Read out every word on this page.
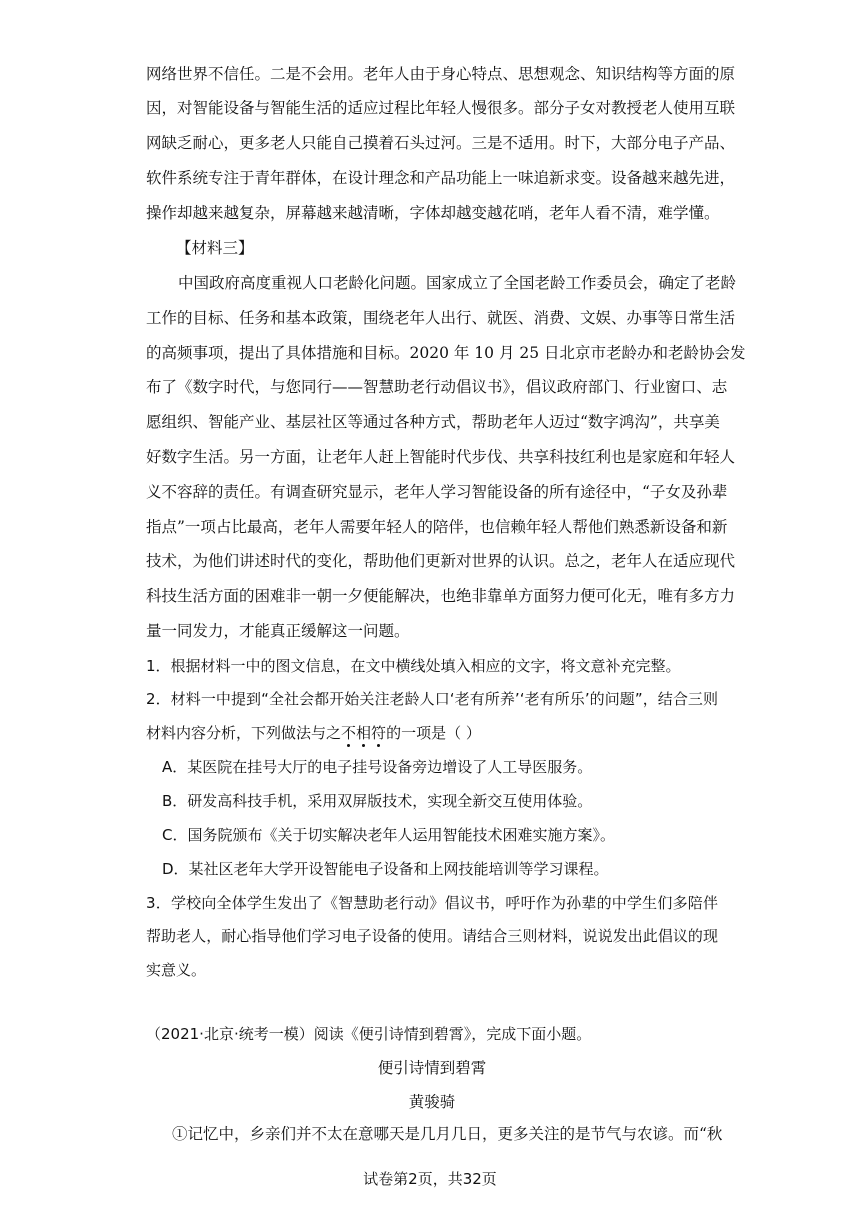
网络世界不信任。二是不会用。老年人由于身心特点、思想观念、知识结构等方面的原
因，对智能设备与智能生活的适应过程比年轻人慢很多。部分子女对教授老人使用互联
网缺乏耐心，更多老人只能自己摸着石头过河。三是不适用。时下，大部分电子产品、
软件系统专注于青年群体，在设计理念和产品功能上一味追新求变。设备越来越先进，
操作却越来越复杂，屏幕越来越清晰，字体却越变越花哨，老年人看不清，难学懂。
【材料三】
中国政府高度重视人口老龄化问题。国家成立了全国老龄工作委员会，确定了老龄
工作的目标、任务和基本政策，围绕老年人出行、就医、消费、文娱、办事等日常生活
的高频事项，提出了具体措施和目标。2020 年 10 月 25 日北京市老龄办和老龄协会发
布了《数字时代，与您同行——智慧助老行动倡议书》，倡议政府部门、行业窗口、志
愿组织、智能产业、基层社区等通过各种方式，帮助老年人迈过“数字鸿沟”，共享美
好数字生活。另一方面，让老年人赶上智能时代步伐、共享科技红利也是家庭和年轻人
义不容辞的责任。有调查研究显示，老年人学习智能设备的所有途径中，“子女及孙辈
指点”一项占比最高，老年人需要年轻人的陪伴，也信赖年轻人帮他们熟悉新设备和新
技术，为他们讲述时代的变化，帮助他们更新对世界的认识。总之，老年人在适应现代
科技生活方面的困难非一朝一夕便能解决，也绝非靠单方面努力便可化无，唯有多方力
量一同发力，才能真正缓解这一问题。
1．根据材料一中的图文信息，在文中横线处填入相应的文字，将文意补充完整。
2．材料一中提到“全社会都开始关注老龄人口‘老有所养’‘老有所乐’的问题”，结合三则
材料内容分析，下列做法与之不相符的一项是（ ）
A．某医院在挂号大厅的电子挂号设备旁边增设了人工导医服务。
B．研发高科技手机，采用双屏版技术，实现全新交互使用体验。
C．国务院颁布《关于切实解决老年人运用智能技术困难实施方案》。
D．某社区老年大学开设智能电子设备和上网技能培训等学习课程。
3．学校向全体学生发出了《智慧助老行动》倡议书，呼吁作为孙辈的中学生们多陪伴
帮助老人，耐心指导他们学习电子设备的使用。请结合三则材料，说说发出此倡议的现
实意义。
（2021·北京·统考一模）阅读《便引诗情到碧霄》，完成下面小题。
便引诗情到碧霄
黄骏骑
①记忆中，乡亲们并不太在意哪天是几月几日，更多关注的是节气与农谚。而“秋
试卷第2页，共32页
